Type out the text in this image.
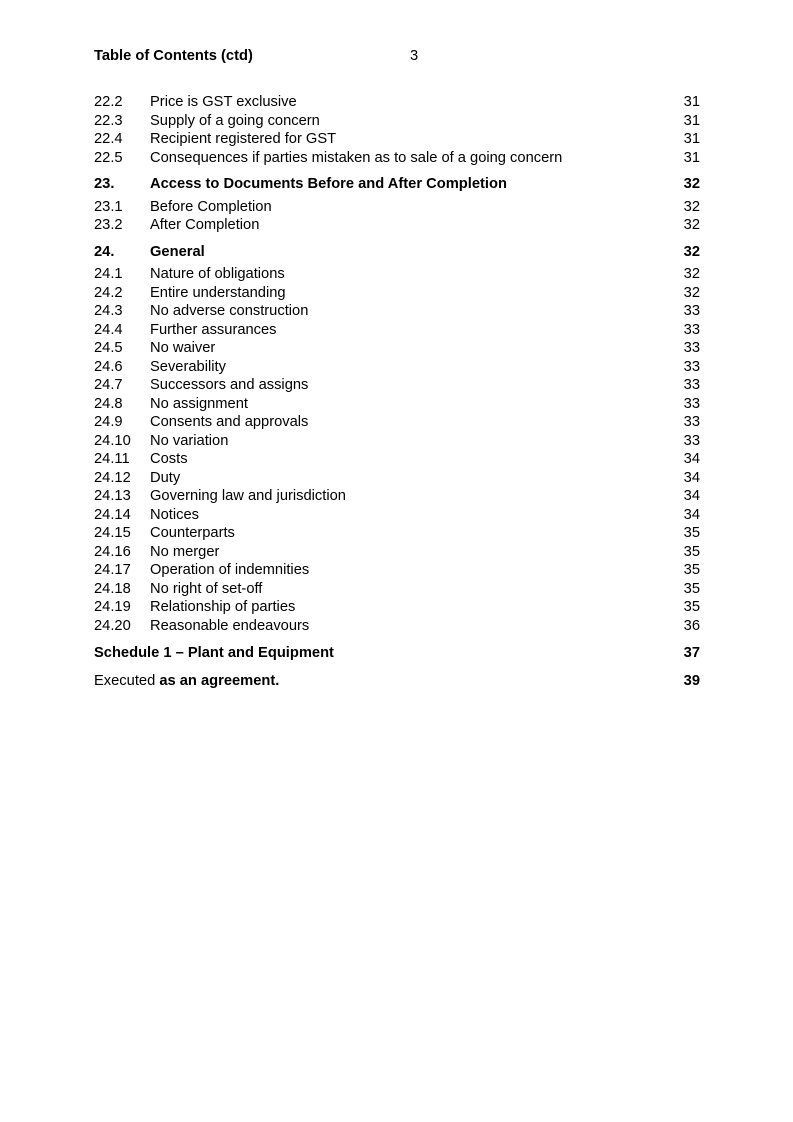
Table of Contents (ctd)	3
22.2	Price is GST exclusive	31
22.3	Supply of a going concern	31
22.4	Recipient registered for GST	31
22.5	Consequences if parties mistaken as to sale of a going concern	31
23.	Access to Documents Before and After Completion	32
23.1	Before Completion	32
23.2	After Completion	32
24.	General	32
24.1	Nature of obligations	32
24.2	Entire understanding	32
24.3	No adverse construction	33
24.4	Further assurances	33
24.5	No waiver	33
24.6	Severability	33
24.7	Successors and assigns	33
24.8	No assignment	33
24.9	Consents and approvals	33
24.10	No variation	33
24.11	Costs	34
24.12	Duty	34
24.13	Governing law and jurisdiction	34
24.14	Notices	34
24.15	Counterparts	35
24.16	No merger	35
24.17	Operation of indemnities	35
24.18	No right of set-off	35
24.19	Relationship of parties	35
24.20	Reasonable endeavours	36
Schedule 1 – Plant and Equipment	37
Executed as an agreement.	39
